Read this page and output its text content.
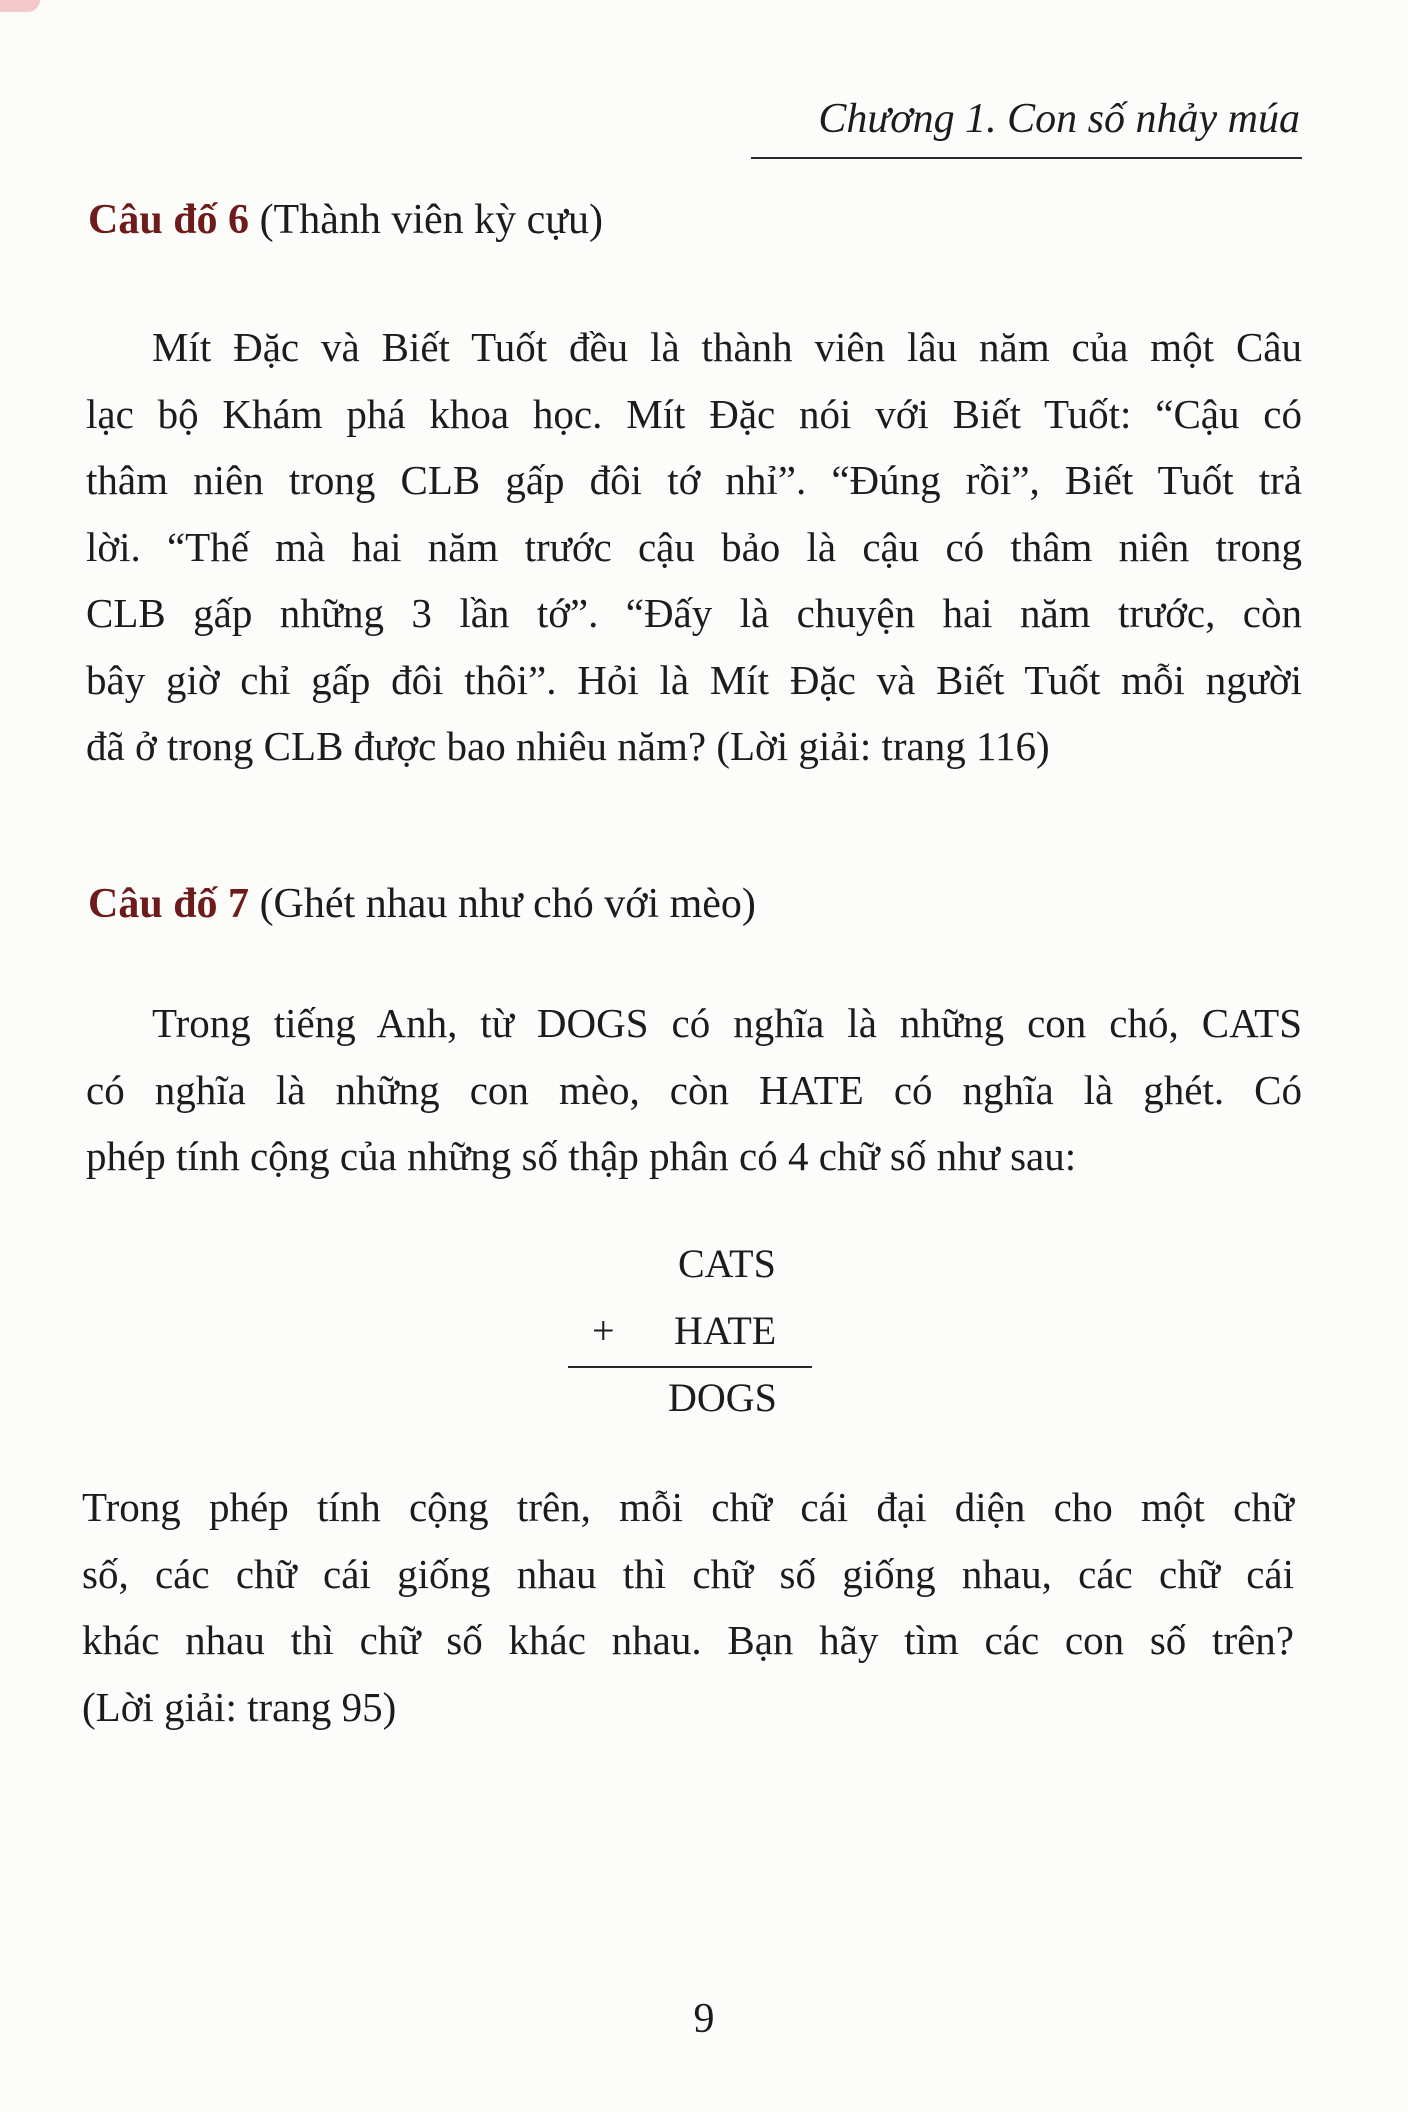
Chương 1. Con số nhảy múa
Câu đố 6 (Thành viên kỳ cựu)
Mít Đặc và Biết Tuốt đều là thành viên lâu năm của một Câu
lạc bộ Khám phá khoa học. Mít Đặc nói với Biết Tuốt: “Cậu có
thâm niên trong CLB gấp đôi tớ nhỉ”. “Đúng rồi”, Biết Tuốt trả
lời. “Thế mà hai năm trước cậu bảo là cậu có thâm niên trong
CLB gấp những 3 lần tớ”. “Đấy là chuyện hai năm trước, còn
bây giờ chỉ gấp đôi thôi”. Hỏi là Mít Đặc và Biết Tuốt mỗi người
đã ở trong CLB được bao nhiêu năm? (Lời giải: trang 116)
Câu đố 7 (Ghét nhau như chó với mèo)
Trong tiếng Anh, từ DOGS có nghĩa là những con chó, CATS
có nghĩa là những con mèo, còn HATE có nghĩa là ghét. Có
phép tính cộng của những số thập phân có 4 chữ số như sau:
CATS
+ HATE
DOGS
Trong phép tính cộng trên, mỗi chữ cái đại diện cho một chữ
số, các chữ cái giống nhau thì chữ số giống nhau, các chữ cái
khác nhau thì chữ số khác nhau. Bạn hãy tìm các con số trên?
(Lời giải: trang 95)
9
